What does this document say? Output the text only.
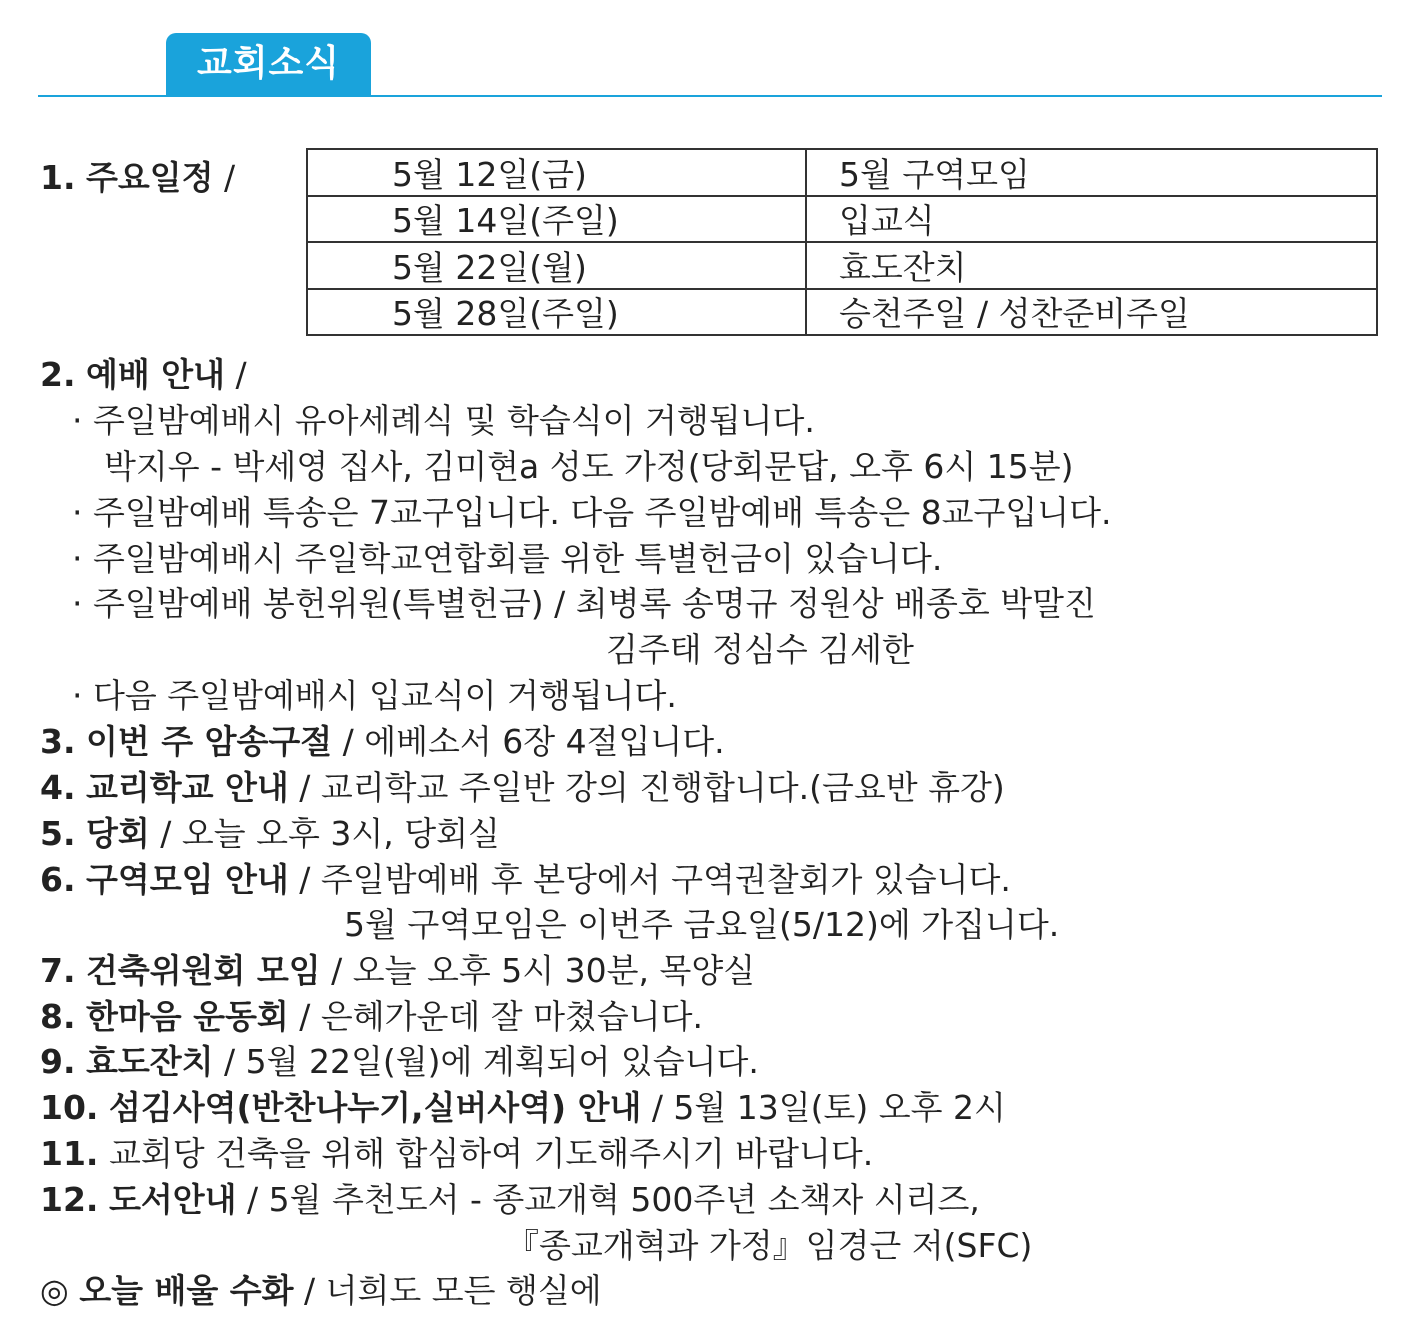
교회소식
1. 주요일정 /	5월 12일(금)	5월 구역모임
5월 14일(주일)	입교식
5월 22일(월)	효도잔치
5월 28일(주일)	승천주일 / 성찬준비주일
2. 예배 안내 /
· 주일밤예배시 유아세례식 및 학습식이 거행됩니다.
박지우 - 박세영 집사, 김미현a 성도 가정(당회문답, 오후 6시 15분)
· 주일밤예배 특송은 7교구입니다. 다음 주일밤예배 특송은 8교구입니다.
· 주일밤예배시 주일학교연합회를 위한 특별헌금이 있습니다.
· 주일밤예배 봉헌위원(특별헌금) / 최병록 송명규 정원상 배종호 박말진
김주태 정심수 김세한
· 다음 주일밤예배시 입교식이 거행됩니다.
3. 이번 주 암송구절 / 에베소서 6장 4절입니다.
4. 교리학교 안내 / 교리학교 주일반 강의 진행합니다.(금요반 휴강)
5. 당회 / 오늘 오후 3시, 당회실
6. 구역모임 안내 / 주일밤예배 후 본당에서 구역권찰회가 있습니다.
5월 구역모임은 이번주 금요일(5/12)에 가집니다.
7. 건축위원회 모임 / 오늘 오후 5시 30분, 목양실
8. 한마음 운동회 / 은혜가운데 잘 마쳤습니다.
9. 효도잔치 / 5월 22일(월)에 계획되어 있습니다.
10. 섬김사역(반찬나누기,실버사역) 안내 / 5월 13일(토) 오후 2시
11. 교회당 건축을 위해 합심하여 기도해주시기 바랍니다.
12. 도서안내 / 5월 추천도서 - 종교개혁 500주년 소책자 시리즈,
『종교개혁과 가정』임경근 저(SFC)
◎ 오늘 배울 수화 / 너희도 모든 행실에
